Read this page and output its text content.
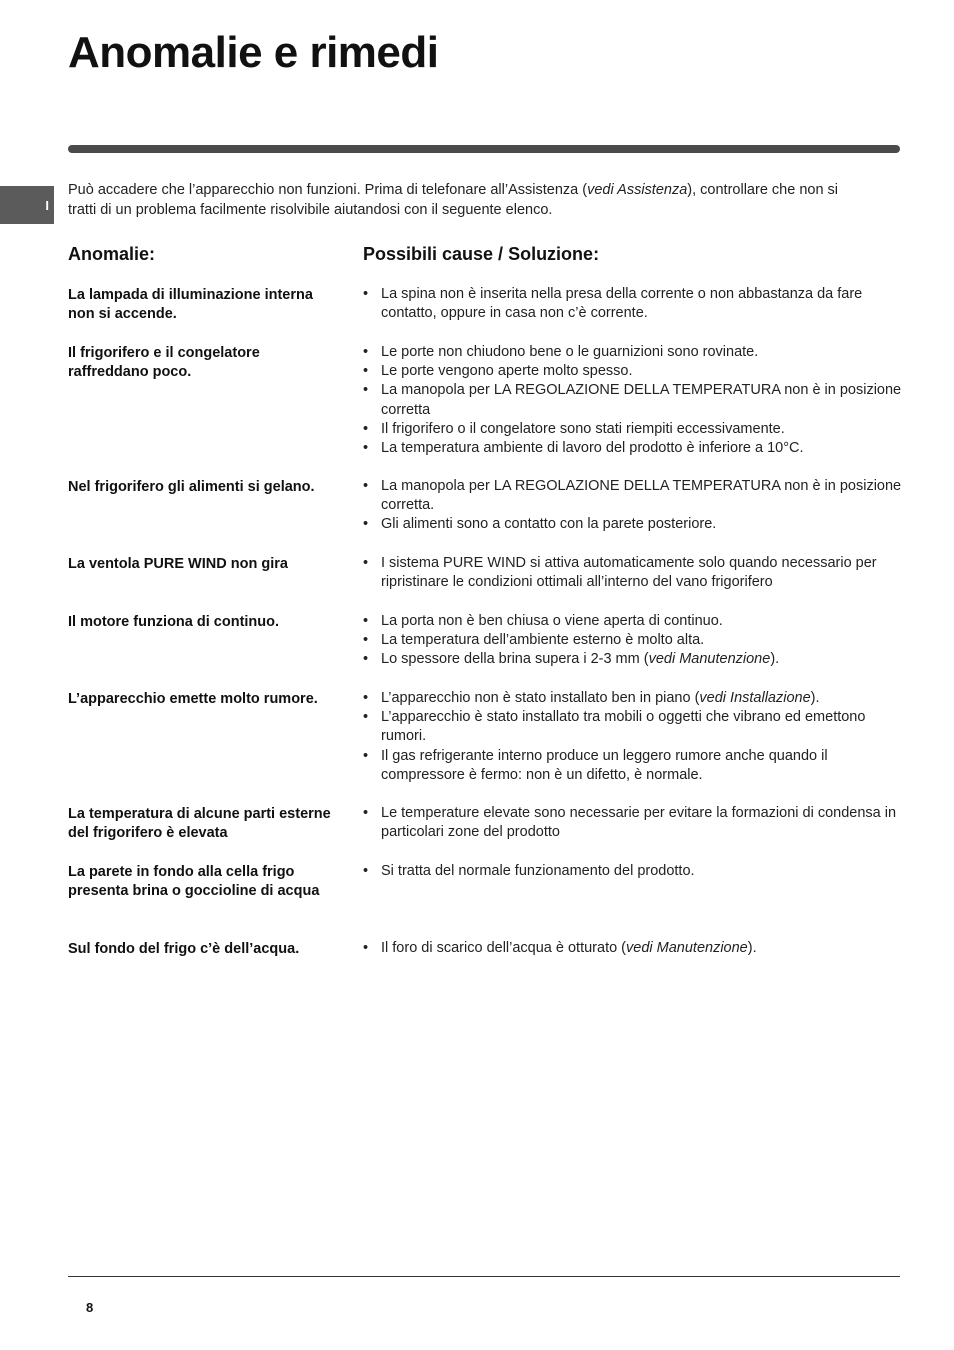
Anomalie e rimedi
I

Può accadere che l’apparecchio non funzioni. Prima di telefonare all’Assistenza (vedi Assistenza), controllare che non si tratti di un problema facilmente risolvibile aiutandosi con il seguente elenco.

Anomalie:	Possibili cause / Soluzione:
La lampada di illuminazione interna non si accende.
• La spina non è inserita nella presa della corrente o non abbastanza da fare contatto, oppure in casa non c’è corrente.
Il frigorifero e il congelatore raffreddano poco.
• Le porte non chiudono bene o le guarnizioni sono rovinate.
• Le porte vengono aperte molto spesso.
• La manopola per LA REGOLAZIONE DELLA TEMPERATURA non è in posizione corretta
• Il frigorifero o il congelatore sono stati riempiti eccessivamente.
• La temperatura ambiente di lavoro del prodotto è inferiore a 10°C.
Nel frigorifero gli alimenti si gelano.	• La manopola per LA REGOLAZIONE DELLA TEMPERATURA non è in posizione corretta.
• Gli alimenti sono a contatto con la parete posteriore.
La ventola PURE WIND non gira	• I sistema PURE WIND si attiva automaticamente solo quando necessario per ripristinare le condizioni ottimali all’interno del vano frigorifero
Il motore funziona di continuo.	• La porta non è ben chiusa o viene aperta di continuo.
• La temperatura dell’ambiente esterno è molto alta.
• Lo spessore della brina supera i 2-3 mm (vedi Manutenzione).
L’apparecchio emette molto rumore.	• L’apparecchio non è stato installato ben in piano (vedi Installazione).
• L’apparecchio è stato installato tra mobili o oggetti che vibrano ed emettono rumori.
• Il gas refrigerante interno produce un leggero rumore anche quando il compressore è fermo: non è un difetto, è normale.
La temperatura di alcune parti esterne del frigorifero è elevata
• Le temperature elevate sono necessarie per evitare la formazioni di condensa in particolari zone del prodotto
La parete in fondo alla cella frigo presenta brina o goccioline di acqua
• Si tratta del normale funzionamento del prodotto.
Sul fondo del frigo c’è dell’acqua.	• Il foro di scarico dell’acqua è otturato (vedi Manutenzione).
8
